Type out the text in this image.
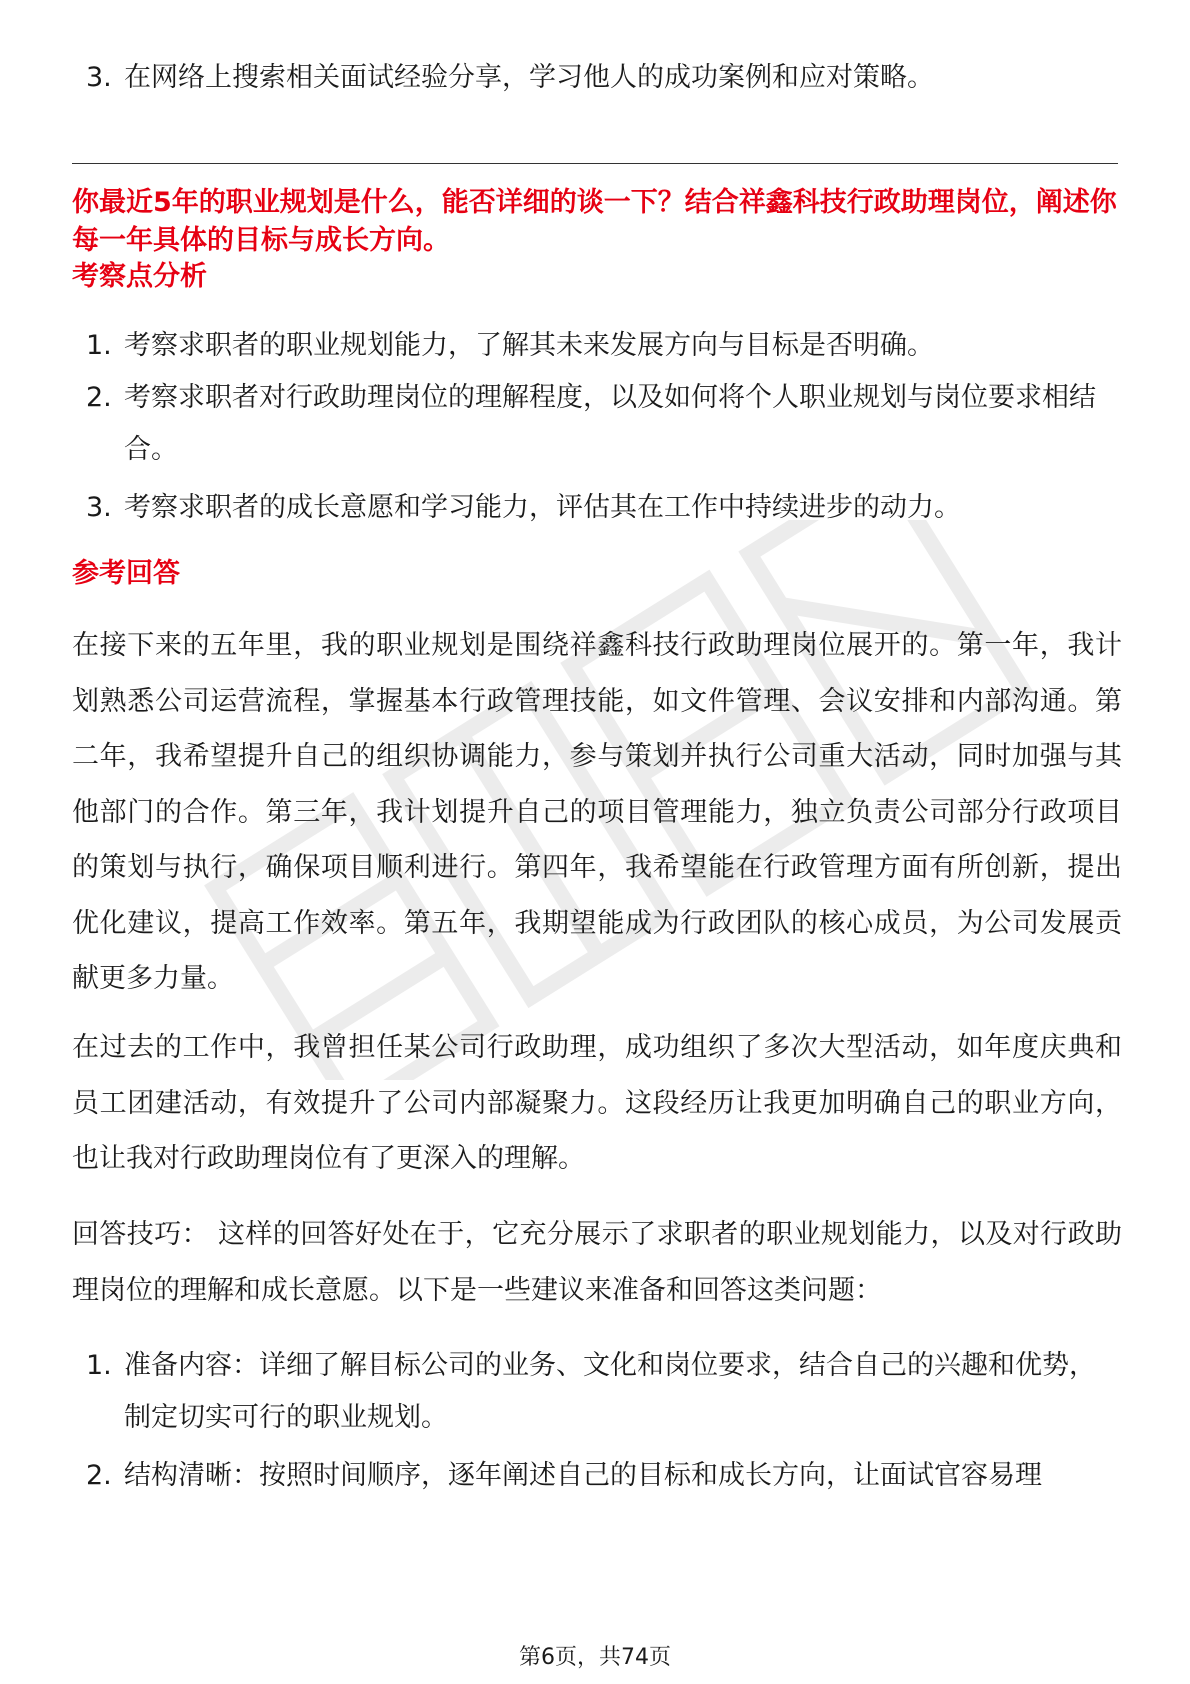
3. 在网络上搜索相关面试经验分享，学习他人的成功案例和应对策略。
你最近5年的职业规划是什么，能否详细的谈一下？结合祥鑫科技行政助理岗位，阐述你每一年具体的目标与成长方向。
考察点分析
1. 考察求职者的职业规划能力，了解其未来发展方向与目标是否明确。
2. 考察求职者对行政助理岗位的理解程度，以及如何将个人职业规划与岗位要求相结合。
3. 考察求职者的成长意愿和学习能力，评估其在工作中持续进步的动力。
参考回答
在接下来的五年里，我的职业规划是围绕祥鑫科技行政助理岗位展开的。第一年，我计划熟悉公司运营流程，掌握基本行政管理技能，如文件管理、会议安排和内部沟通。第二年，我希望提升自己的组织协调能力，参与策划并执行公司重大活动，同时加强与其他部门的合作。第三年，我计划提升自己的项目管理能力，独立负责公司部分行政项目的策划与执行，确保项目顺利进行。第四年，我希望能在行政管理方面有所创新，提出优化建议，提高工作效率。第五年，我期望能成为行政团队的核心成员，为公司发展贡献更多力量。
在过去的工作中，我曾担任某公司行政助理，成功组织了多次大型活动，如年度庆典和员工团建活动，有效提升了公司内部凝聚力。这段经历让我更加明确自己的职业方向，也让我对行政助理岗位有了更深入的理解。
回答技巧： 这样的回答好处在于，它充分展示了求职者的职业规划能力，以及对行政助理岗位的理解和成长意愿。以下是一些建议来准备和回答这类问题：
1. 准备内容：详细了解目标公司的业务、文化和岗位要求，结合自己的兴趣和优势，制定切实可行的职业规划。
2. 结构清晰：按照时间顺序，逐年阐述自己的目标和成长方向，让面试官容易理
第6页，共74页
